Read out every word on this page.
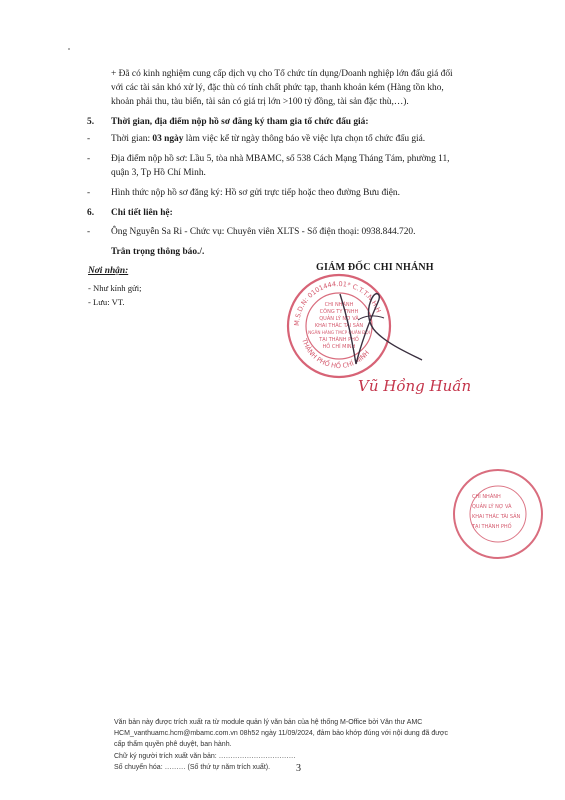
+ Đã có kinh nghiệm cung cấp dịch vụ cho Tổ chức tín dụng/Doanh nghiệp lớn đấu giá đối
với các tài sản khó xử lý, đặc thù có tính chất phức tạp, thanh khoản kém (Hàng tồn kho,
khoản phải thu, tàu biển, tài sản có giá trị lớn >100 tỷ đồng, tài sản đặc thù,…).
5. Thời gian, địa điểm nộp hồ sơ đăng ký tham gia tổ chức đấu giá:
- Thời gian: 03 ngày làm việc kể từ ngày thông báo về việc lựa chọn tổ chức đấu giá.
- Địa điểm nộp hồ sơ: Lầu 5, tòa nhà MBAMC, số 538 Cách Mạng Tháng Tám, phường 11,
quận 3, Tp Hồ Chí Minh.
- Hình thức nộp hồ sơ đăng ký: Hồ sơ gửi trực tiếp hoặc theo đường Bưu điện.
6. Chi tiết liên hệ:
- Ông Nguyễn Sa Ri - Chức vụ: Chuyên viên XLTS - Số điện thoại: 0938.844.720.
Trân trọng thông báo./.
Nơi nhận:
- Như kính gửi;
- Lưu: VT.
GIÁM ĐỐC CHI NHÁNH
M.S.D.N: 0101444.01* C.T.T.N.H.H
THÀNH PHỐ HỒ CHÍ MINH
CHI NHÁNH
CÔNG TY TNHH
QUẢN LÝ NỢ VÀ
KHAI THÁC TÀI SẢN
NGÂN HÀNG TMCP QUÂN ĐỘI
TẠI THÀNH PHỐ
HỒ CHÍ MINH
Vũ Hồng Huấn
CHI NHÁNH
QUẢN LÝ NỢ VÀ
KHAI THÁC TÀI SẢN
TẠI THÀNH PHỐ
Văn bản này được trích xuất ra từ module quản lý văn bản của hệ thống M-Office bởi Văn thư AMC
HCM_vanthuamc.hcm@mbamc.com.vn 08h52 ngày 11/09/2024, đảm bảo khớp đúng với nội dung đã được
cấp thẩm quyền phê duyệt, ban hành.
Chữ ký người trích xuất văn bản: ……………………………
Số chuyển hóa: ……… (Số thứ tự năm trích xuất).	3
